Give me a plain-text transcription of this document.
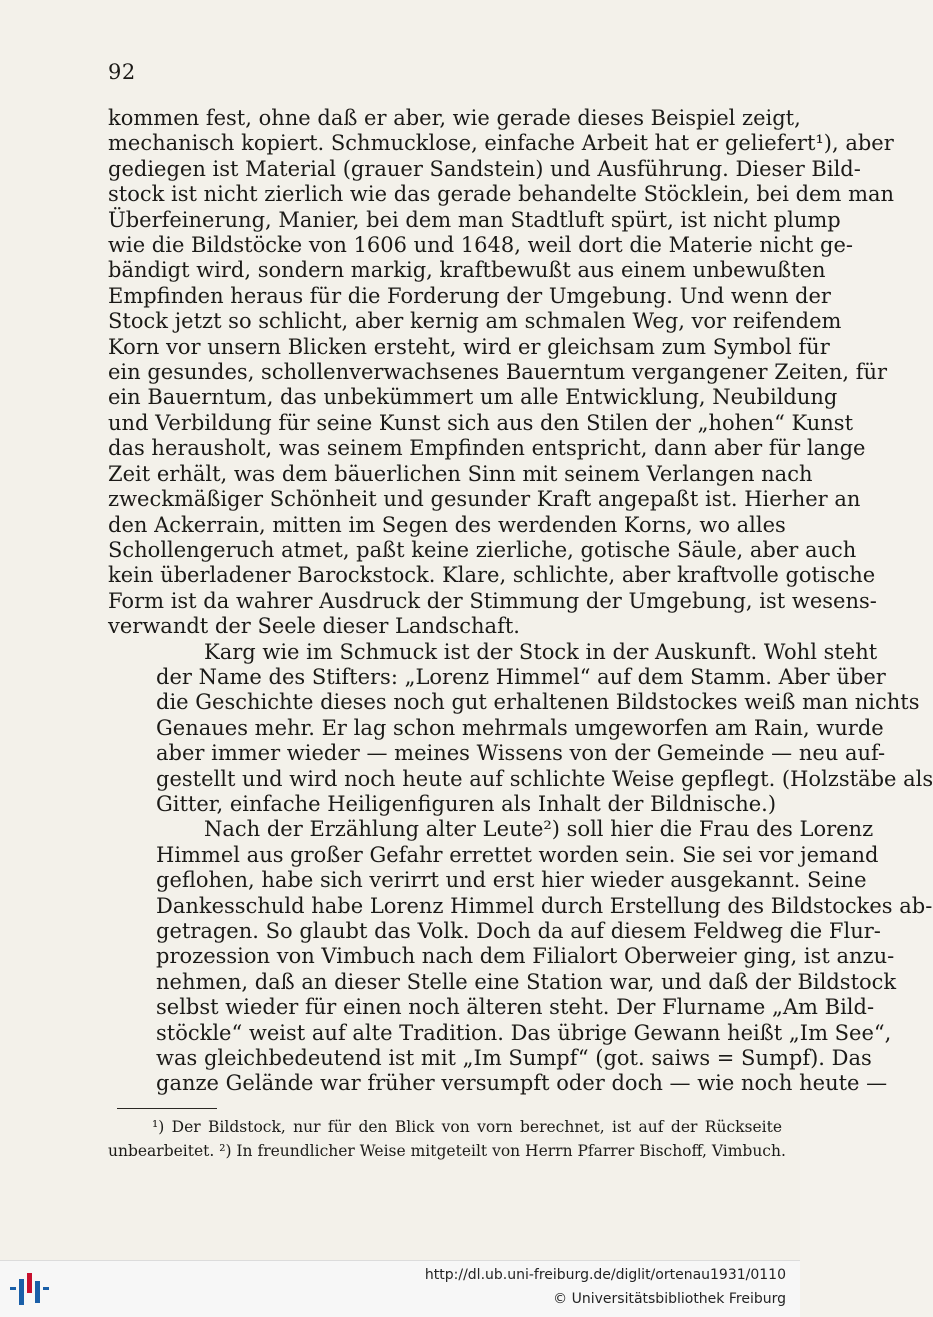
92

kommen fest, ohne daß er aber, wie gerade dieses Beispiel zeigt,
mechanisch kopiert. Schmucklose, einfache Arbeit hat er geliefert¹), aber
gediegen ist Material (grauer Sandstein) und Ausführung. Dieser Bild-
stock ist nicht zierlich wie das gerade behandelte Stöcklein, bei dem man
Überfeinerung, Manier, bei dem man Stadtluft spürt, ist nicht plump
wie die Bildstöcke von 1606 und 1648, weil dort die Materie nicht ge-
bändigt wird, sondern markig, kraftbewußt aus einem unbewußten
Empfinden heraus für die Forderung der Umgebung. Und wenn der
Stock jetzt so schlicht, aber kernig am schmalen Weg, vor reifendem
Korn vor unsern Blicken ersteht, wird er gleichsam zum Symbol für
ein gesundes, schollenverwachsenes Bauerntum vergangener Zeiten, für
ein Bauerntum, das unbekümmert um alle Entwicklung, Neubildung
und Verbildung für seine Kunst sich aus den Stilen der „hohen“ Kunst
das herausholt, was seinem Empfinden entspricht, dann aber für lange
Zeit erhält, was dem bäuerlichen Sinn mit seinem Verlangen nach
zweckmäßiger Schönheit und gesunder Kraft angepaßt ist. Hierher an
den Ackerrain, mitten im Segen des werdenden Korns, wo alles
Schollengeruch atmet, paßt keine zierliche, gotische Säule, aber auch
kein überladener Barockstock. Klare, schlichte, aber kraftvolle gotische
Form ist da wahrer Ausdruck der Stimmung der Umgebung, ist wesens-
verwandt der Seele dieser Landschaft.

Karg wie im Schmuck ist der Stock in der Auskunft. Wohl steht
der Name des Stifters: „Lorenz Himmel“ auf dem Stamm. Aber über
die Geschichte dieses noch gut erhaltenen Bildstockes weiß man nichts
Genaues mehr. Er lag schon mehrmals umgeworfen am Rain, wurde
aber immer wieder — meines Wissens von der Gemeinde — neu auf-
gestellt und wird noch heute auf schlichte Weise gepflegt. (Holzstäbe als
Gitter, einfache Heiligenfiguren als Inhalt der Bildnische.)

Nach der Erzählung alter Leute²) soll hier die Frau des Lorenz
Himmel aus großer Gefahr errettet worden sein. Sie sei vor jemand
geflohen, habe sich verirrt und erst hier wieder ausgekannt. Seine
Dankesschuld habe Lorenz Himmel durch Erstellung des Bildstockes ab-
getragen. So glaubt das Volk. Doch da auf diesem Feldweg die Flur-
prozession von Vimbuch nach dem Filialort Oberweier ging, ist anzu-
nehmen, daß an dieser Stelle eine Station war, und daß der Bildstock
selbst wieder für einen noch älteren steht. Der Flurname „Am Bild-
stöckle“ weist auf alte Tradition. Das übrige Gewann heißt „Im See“,
was gleichbedeutend ist mit „Im Sumpf“ (got. saiws = Sumpf). Das
ganze Gelände war früher versumpft oder doch — wie noch heute —

¹) Der Bildstock, nur für den Blick von vorn berechnet, ist auf der Rückseite
unbearbeitet. ²) In freundlicher Weise mitgeteilt von Herrn Pfarrer Bischoff, Vimbuch.
http://dl.ub.uni-freiburg.de/diglit/ortenau1931/0110
© Universitätsbibliothek Freiburg
